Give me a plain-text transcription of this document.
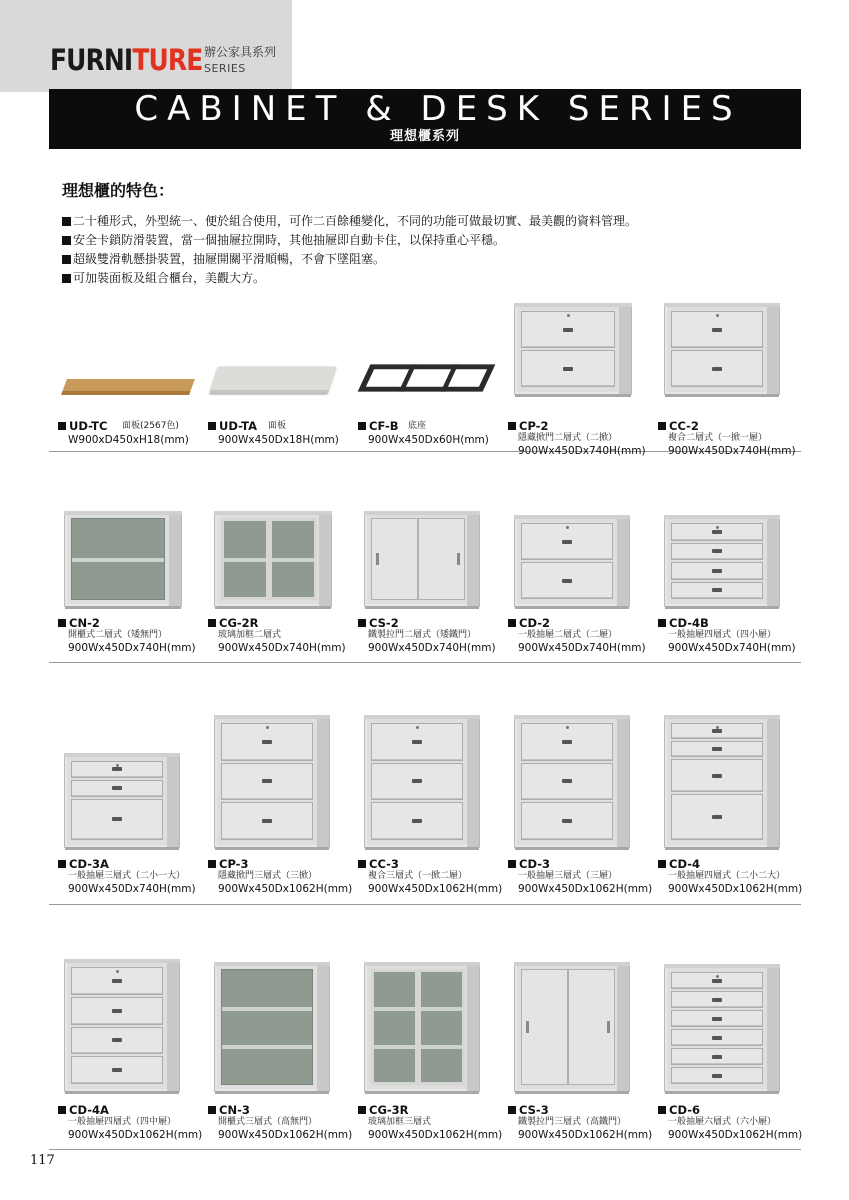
FURNITURE 辦公家具系列
SERIES
CABINET & DESK SERIES
理想櫃系列
理想櫃的特色：
二十種形式，外型統一、便於組合使用，可作二百餘種變化，不同的功能可做最切實、最美觀的資料管理。
安全卡鎖防滑裝置，當一個抽屜拉開時，其他抽屜即自動卡住，以保持重心平穩。
超級雙滑軌懸掛裝置，抽屜開關平滑順暢，不會下墜阻塞。
可加裝面板及組合櫃台，美觀大方。
UD-TC 面板(2567色)
W900xD450xH18(mm)
UD-TA 面板
900Wx450Dx18H(mm)
CF-B 底座
900Wx450Dx60H(mm)
CP-2
隱藏掀門二層式（二掀）
900Wx450Dx740H(mm)
CC-2
複合二層式（一掀一屜）
900Wx450Dx740H(mm)
CN-2
開櫃式二層式（矮無門）
900Wx450Dx740H(mm)
CG-2R
玻璃加框二層式
900Wx450Dx740H(mm)
CS-2
鐵製拉門二層式（矮鐵門）
900Wx450Dx740H(mm)
CD-2
一般抽屜二層式（二屜）
900Wx450Dx740H(mm)
CD-4B
一般抽屜四層式（四小屜）
900Wx450Dx740H(mm)
CD-3A
一般抽屜三層式（二小一大）
900Wx450Dx740H(mm)
CP-3
隱藏掀門三層式（三掀）
900Wx450Dx1062H(mm)
CC-3
複合三層式（一掀二屜）
900Wx450Dx1062H(mm)
CD-3
一般抽屜三層式（三屜）
900Wx450Dx1062H(mm)
CD-4
一般抽屜四層式（二小二大）
900Wx450Dx1062H(mm)
CD-4A
一般抽屜四層式（四中屜）
900Wx450Dx1062H(mm)
CN-3
開櫃式三層式（高無門）
900Wx450Dx1062H(mm)
CG-3R
玻璃加框三層式
900Wx450Dx1062H(mm)
CS-3
鐵製拉門三層式（高鐵門）
900Wx450Dx1062H(mm)
CD-6
一般抽屜六層式（六小屜）
900Wx450Dx1062H(mm)
117
